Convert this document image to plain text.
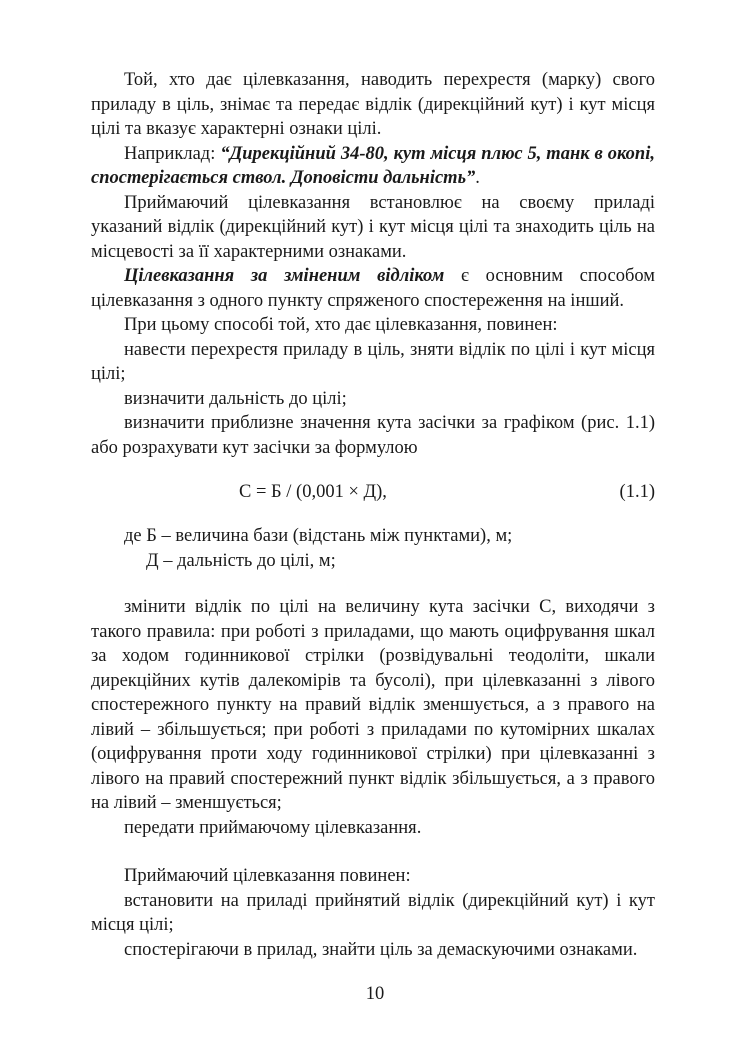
Той, хто дає цілевказання, наводить перехрестя (марку) свого приладу в ціль, знімає та передає відлік (дирекційний кут) і кут місця цілі та вказує характерні ознаки цілі.

Наприклад: “Дирекційний 34-80, кут місця плюс 5, танк в окопі, спостерігається ствол. Доповісти дальність”.

Приймаючий цілевказання встановлює на своєму приладі указаний відлік (дирекційний кут) і кут місця цілі та знаходить ціль на місцевості за її характерними ознаками.

Цілевказання за зміненим відліком є основним способом цілевказання з одного пункту спряженого спостереження на інший.

При цьому способі той, хто дає цілевказання, повинен:

навести перехрестя приладу в ціль, зняти відлік по цілі і кут місця цілі;

визначити дальність до цілі;

визначити приблизне значення кута засічки за графіком (рис. 1.1) або розрахувати кут засічки за формулою

С = Б / (0,001 × Д),	(1.1)

де Б – величина бази (відстань між пунктами), м;

Д – дальність до цілі, м;

змінити відлік по цілі на величину кута засічки С, виходячи з такого правила: при роботі з приладами, що мають оцифрування шкал за ходом годинникової стрілки (розвідувальні теодоліти, шкали дирекційних кутів далекомірів та бусолі), при цілевказанні з лівого спостережного пункту на правий відлік зменшується, а з правого на лівий – збільшується; при роботі з приладами по кутомірних шкалах (оцифрування проти ходу годинникової стрілки) при цілевказанні з лівого на правий спостережний пункт відлік збільшується, а з правого на лівий – зменшується;

передати приймаючому цілевказання.

Приймаючий цілевказання повинен:

встановити на приладі прийнятий відлік (дирекційний кут) і кут місця цілі;

спостерігаючи в прилад, знайти ціль за демаскуючими ознаками.

10
